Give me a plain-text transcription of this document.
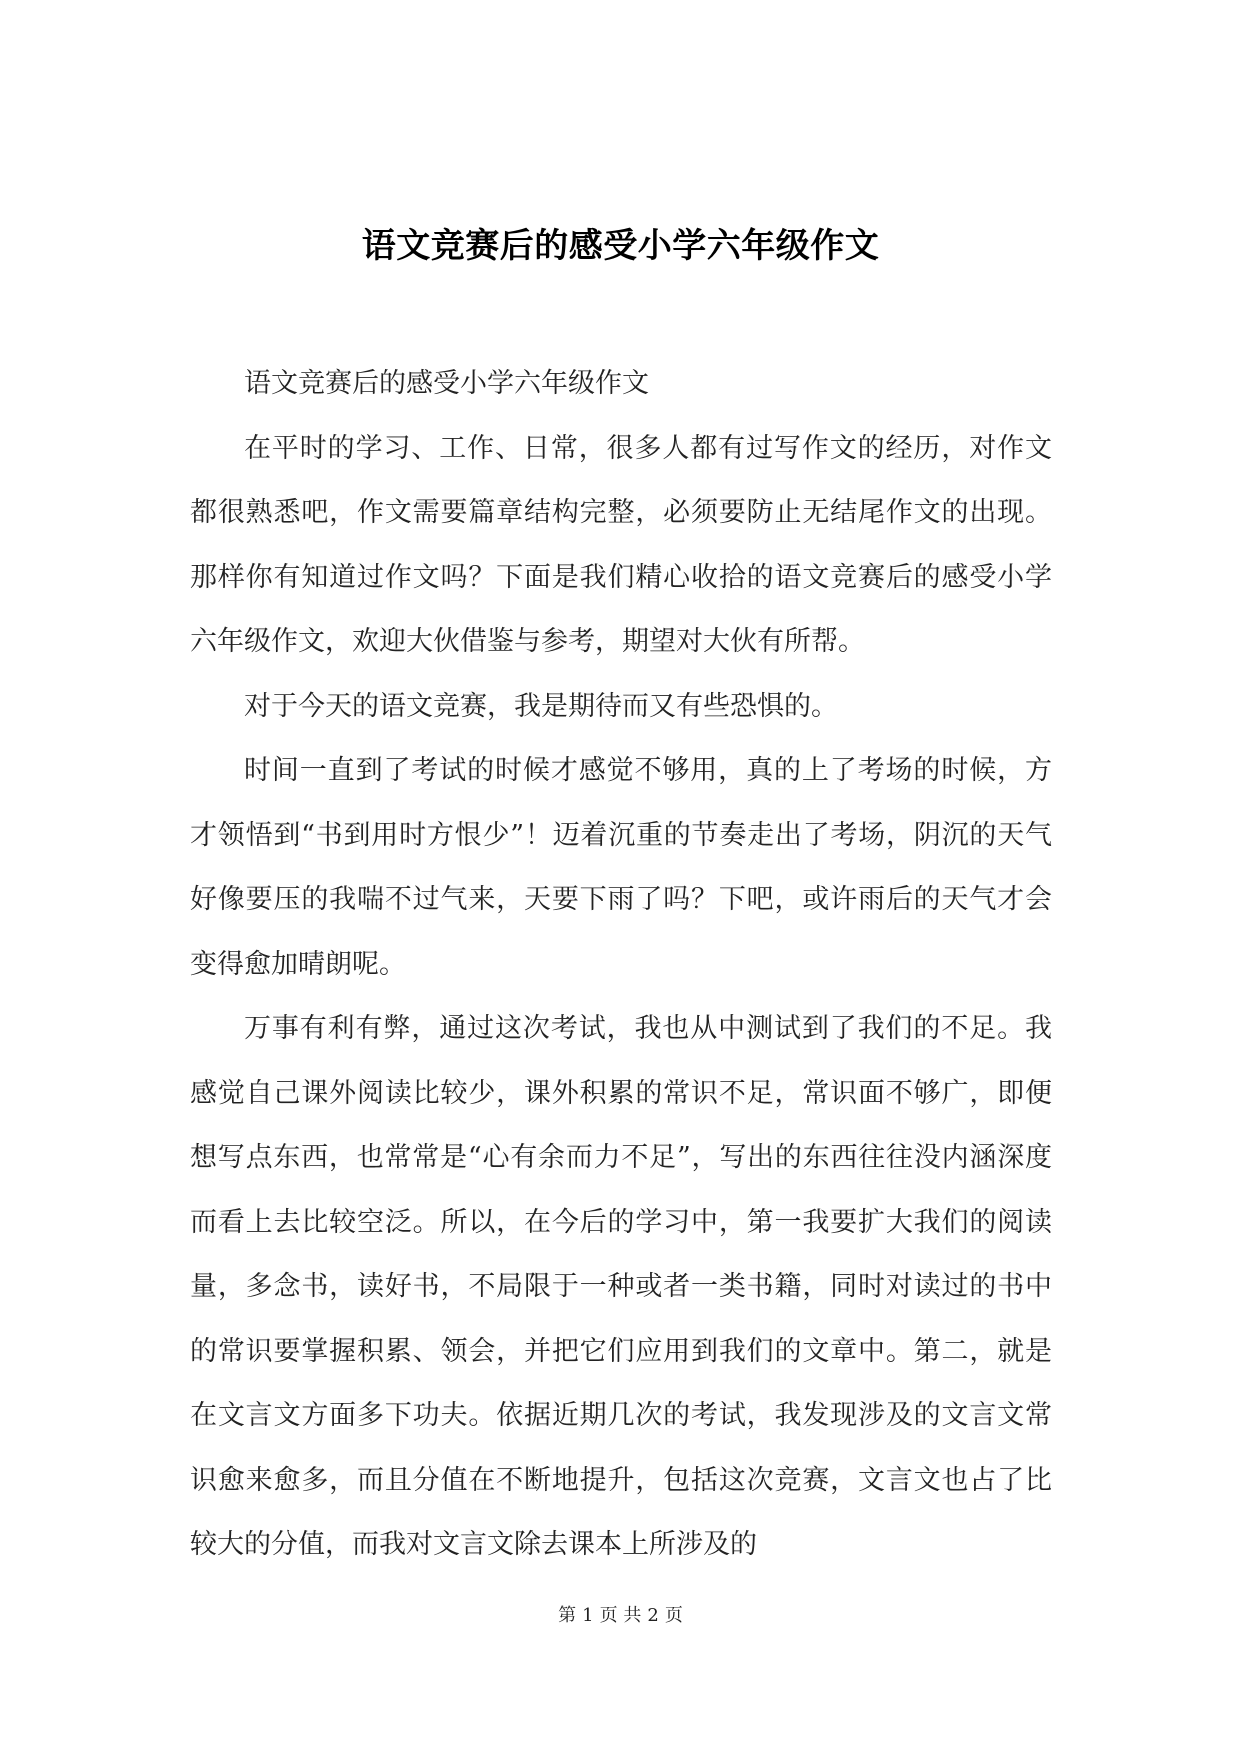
语文竞赛后的感受小学六年级作文

语文竞赛后的感受小学六年级作文

在平时的学习、工作、日常，很多人都有过写作文的经历，对作文都很熟悉吧，作文需要篇章结构完整，必须要防止无结尾作文的出现。那样你有知道过作文吗？下面是我们精心收拾的语文竞赛后的感受小学六年级作文，欢迎大伙借鉴与参考，期望对大伙有所帮。

对于今天的语文竞赛，我是期待而又有些恐惧的。

时间一直到了考试的时候才感觉不够用，真的上了考场的时候，方才领悟到“书到用时方恨少”！迈着沉重的节奏走出了考场，阴沉的天气好像要压的我喘不过气来，天要下雨了吗？下吧，或许雨后的天气才会变得愈加晴朗呢。

万事有利有弊，通过这次考试，我也从中测试到了我们的不足。我感觉自己课外阅读比较少，课外积累的常识不足，常识面不够广，即便想写点东西，也常常是“心有余而力不足”，写出的东西往往没内涵深度而看上去比较空泛。所以，在今后的学习中，第一我要扩大我们的阅读量，多念书，读好书，不局限于一种或者一类书籍，同时对读过的书中的常识要掌握积累、领会，并把它们应用到我们的文章中。第二，就是在文言文方面多下功夫。依据近期几次的考试，我发现涉及的文言文常识愈来愈多，而且分值在不断地提升，包括这次竞赛，文言文也占了比较大的分值，而我对文言文除去课本上所涉及的

第 1 页 共 2 页
